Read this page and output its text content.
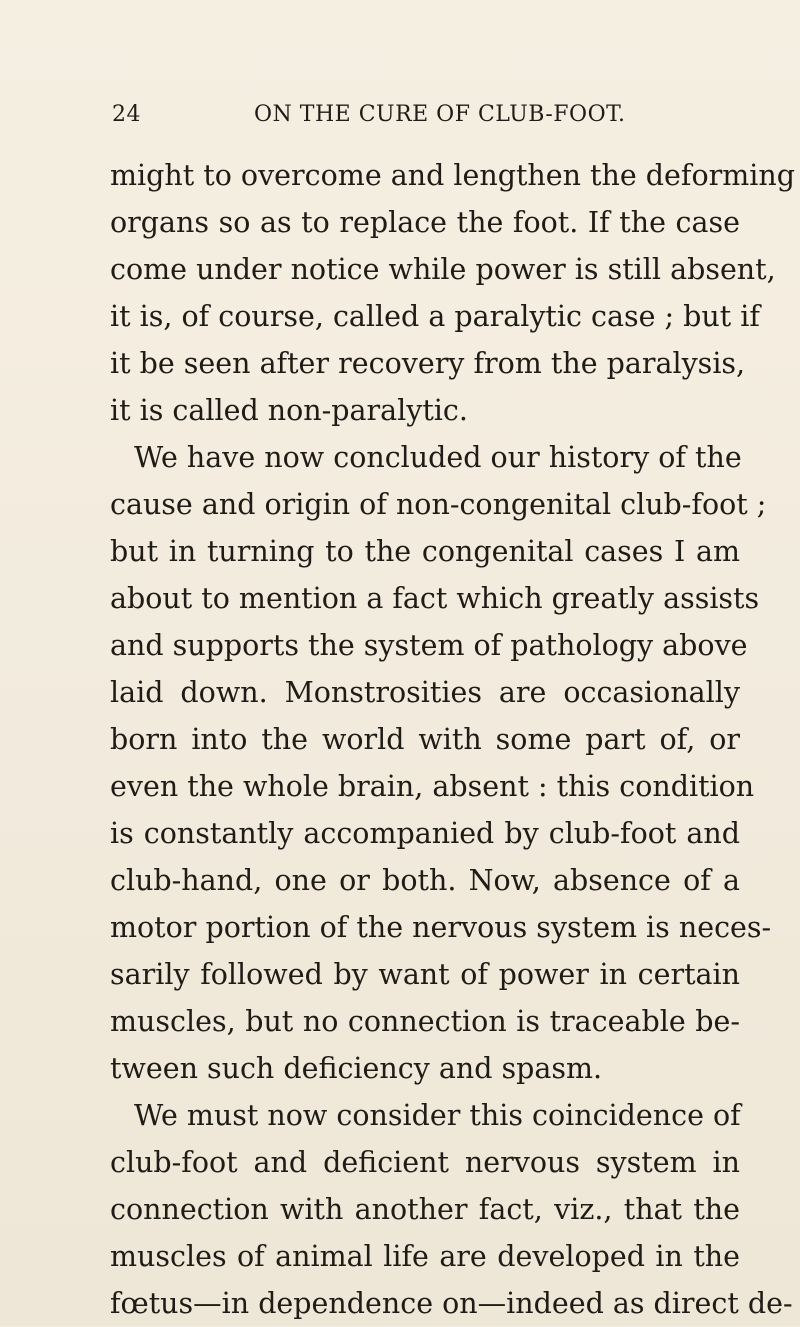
24	ON THE CURE OF CLUB-FOOT.
might to overcome and lengthen the deforming
organs so as to replace the foot. If the case
come under notice while power is still absent,
it is, of course, called a paralytic case ; but if
it be seen after recovery from the paralysis,
it is called non-paralytic.
We have now concluded our history of the
cause and origin of non-congenital club-foot ;
but in turning to the congenital cases I am
about to mention a fact which greatly assists
and supports the system of pathology above
laid down. Monstrosities are occasionally
born into the world with some part of, or
even the whole brain, absent : this condition
is constantly accompanied by club-foot and
club-hand, one or both. Now, absence of a
motor portion of the nervous system is neces-
sarily followed by want of power in certain
muscles, but no connection is traceable be-
tween such deficiency and spasm.
We must now consider this coincidence of
club-foot and deficient nervous system in
connection with another fact, viz., that the
muscles of animal life are developed in the
fœtus—in dependence on—indeed as direct de-
